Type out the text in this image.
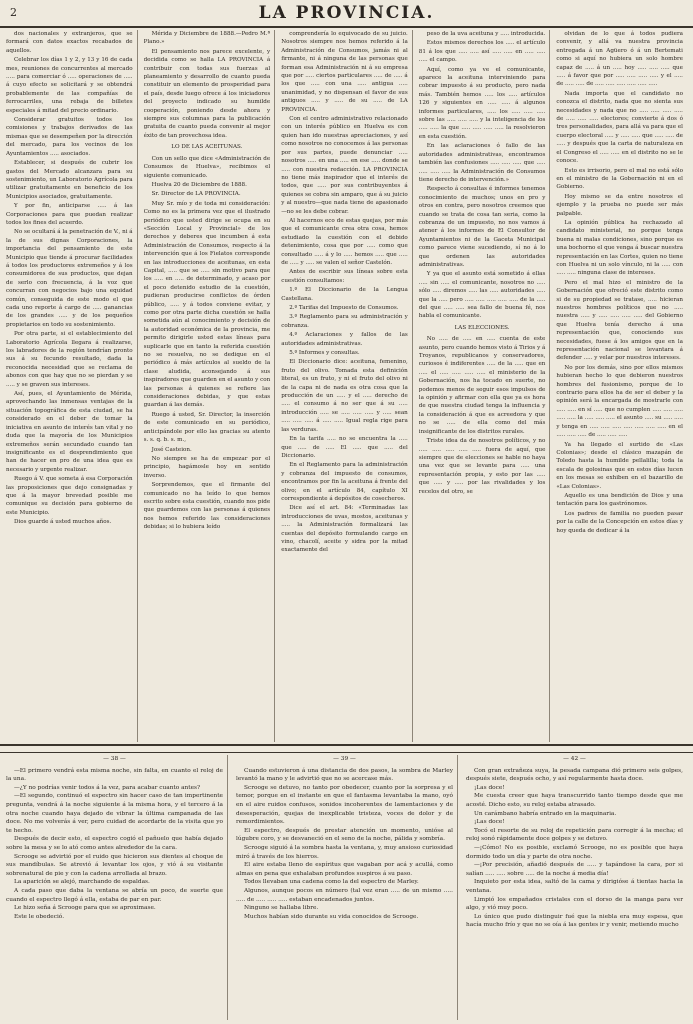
2	LA PROVINCIA.

dos nacionales y extranjeros, que se formará con datos exactos recabados de aquellos.

Celebrar los días 1 y 2, y 13 y 16 de cada mes, reuniones de concurrentes al mercado ..... para comerciar ó ..... operaciones de ..... á cuyo efecto se solicitará y se obtendrá probablemente de las compañías de ferrocarriles, una rebaja de billetes especiales á mitad del precio ordinario.

Considerar gratuitos todos los comisiones y trabajos derivados de las mismas que se desempeñen por la dirección del mercado, para los vecinos de los Ayuntamientos ..... asociados.

Establecer, si después de cubrir los gastos del Mercado alcanzara para su sostenimiento, un Laboratorio Agrícola para utilizar gratuitamente en beneficio de los Municipios asociados, gratuitamente.

Y por fin, anticiparse ..... á las Corporaciones para que puedan realizar todos los fines del acuerdo.

No se ocultará á la penetración de V., ni á la de sus dignas Corporaciones, la importancia del pensamiento de este Municipio que tiende á procurar facilidades á todos los productores extremeños y á los consumidores de sus productos, que dejan de serlo con frecuencia, á la voz que concurran con negocios bajo una equidad común, conseguida de este modo el que cada uno reporte á cargo de ..... ganancias de los grandes ..... y de los pequeños propietarios en todo su sostenimiento.

Por otra parte, si el establecimiento del Laboratorio Agrícola llegara á realizarse, los labradores de la región tendrían pronto sus á su fecundo resultado, dada la reconocida necesidad que se reclama de abonos con que hay que no se pierdan y se ..... y se graven sus intereses.

Así, pues, el Ayuntamiento de Mérida, aprovechando las inmensas ventajas de la situación topográfica de esta ciudad, se ha considerado en el deber de tomar la iniciativa en asunto de interés tan vital y no duda que la mayoría de los Municipios extremeños serán secundado cuando tan insignificante es el desprendimiento que han de hacer en pro de una idea que es necesario y urgente realizar.

Ruego á V. que someta á esa Corporación las proposiciones que dejo consignadas y que á la mayor brevedad posible me comunique su decisión para gobierno de este Municipio.

Dios guarde á usted muchos años.

Mérida y Diciembre de 1888.—Pedro M.ª Plano.»

El pensamiento nos parece excelente, y decidida como se halla LA PROVINCIA á contribuir con todas sus fuerzas al planeamiento y desarrollo de cuanto pueda constituir un elemento de prosperidad para el país, desde luego ofrece á los iniciadores del proyecto indicado su humilde cooperación, poniendo desde ahora y siempre sus columnas para la publicación gratuita de cuanto pueda convenir al mejor éxito de tan provechosa idea.

LO DE LAS ACEITUNAS.

Con un sello que dice «Administración de Consumos de Huelva», recibimos el siguiente comunicado.

Huelva 20 de Diciembre de 1888.

Sr. Director de LA PROVINCIA.

Muy Sr. mío y de toda mi consideración: Como no es la primera vez que el ilustrado periódico que usted dirige se ocupa en su «Sección Local y Provincial» de los derechos y deberes que incumben á esta Administración de Consumos, respecto á la intervención que á los Fielatos corresponde en las introducciones de aceitunas, en esta Capital, ..... que se ..... sin motivo para que los ..... en ..... de determinado, y acaso por el poco detenido estudio de la cuestión, pudieran producirse conflictos de órden público, ..... y á todos conviene evitar, y como por otra parte dicha cuestión se halla sometida aún al conocimiento y decisión de la autoridad económica de la provincia, me permito dirigirle usted estas líneas para suplicarle que en tanto la referida cuestión no se resuelva, no se dedique en el periódico á más artículos al sueldo de la clase aludida, aconsejando á sus inspiradores que guarden en el asunto y con las personas á quienes se refiere las consideraciones debidas, y que estas guardan á las demás.

Ruego á usted, Sr. Director, la inserción de este comunicado en su periódico, anticipándole por ello las gracias su atento s. s. q. b. s. m.,

José Casteion.

No siempre se ha de empezar por el principio, hagámosle hoy en sentido inverso.

Sorprendemos, que el firmante del comunicado no ha leído lo que hemos escrito sobre esta cuestión, cuando nos pide que guardemos con las personas á quienes nos hemos referido las consideraciones debidas; si lo hubiera leído

comprendería lo equivocado de su juicio. Nosotros siempre nos hemos referido á la Administración de Consumos, jamás ni al firmante, ni á ninguna de las personas que forman esa Administración ni á su empresa que por ..... ciertos particulares ..... de ..... á los que ..... con una ..... antigua ..... unanimidad, y no dispensan el favor de sus antiguos ..... y ..... de su ..... de LA PROVINCIA.

Con el centro administrativo relacionado con un interés público en Huelva es con quien han ido nuestras apreciaciones, y así como nosotros no conocemos á las personas por sus partes, puede denunciar ..... nosotros ..... en una ..... en ese ..... donde se ..... con nuestra redacción. LA PROVINCIA no tiene más inspirador que el interés de todos, que ..... por sus contribuyentes á quienes se cobra sin amparo, que á su juicio y al nuestro—que nada tiene de apasionado—no se les debe cobrar.

Al hacernos eco de estas quejas, por más que el comunicante crea otra cosa, hemos estudiado la cuestión con el debido detenimiento, cosa que por ..... como que consultado ..... á y lo ..... hemos ..... que ..... de ..... y ..... se valen el señor Castelón.

Antes de escribir sus líneas sobre esta cuestión consultamos:

1.º El Diccionario de la Lengua Castellana.

2.º Tarifas del Impuesto de Consumos.

3.º Reglamento para su administración y cobranza.

4.º Aclaraciones y fallos de las autoridades administrativas.

5.º Informes y consultas.

El Diccionario dice: aceituna, femenino, fruto del olivo. Tomada esta definición literal, es un fruto, y ni el fruto del olivo ni de la capa ni de nada es otra cosa que la producción de un ..... y el ..... derecho de ..... el consumo á no ser que á su ..... introducción ..... se ..... ..... ..... y ..... sean ..... ..... ..... á ..... ..... Igual regla rige para las verduras.

En la tarifa ..... no se encuentra la ..... que ..... de ..... El ..... que ..... del Diccionario.

En el Reglamento para la administración y cobranza del impuesto de consumos, encontramos por fin la aceituna á frente del olivo; en el artículo 84, capítulo XI correspondiente á depósitos de cosecheros.

Dice así el art. 84: «Terminadas las introducciones de uvas, mostos, aceitunas y ..... la Administración formalizará las cuentas del depósito formulando cargo en vino, chacolí, aceite y sidra por la mitad exactamente del

peso de la uva aceituna y ..... introducida.

Estos mismos derechos los ..... el artículo 81 á los que ..... ..... así ..... ..... en ..... ..... ..... el campo.

Aquí, como ya ve el comunicante, aparece la aceituna interviniendo para cobrar impuesto á su producto, pero nada más. También hemos ..... los ..... artículos 126 y siguientes en ..... ..... á algunos informes particulares, ..... los ..... ..... ..... sobre las ..... ..... ..... y la inteligencia de los ..... ..... la que ..... ..... ..... ..... la resolvieron en esta cuestión.

En las aclaraciones ó fallo de las autoridades administrativas, encontramos también las confusiones ..... ..... ..... que ..... ..... ..... ..... la Administración de Consumos tiene derecho de intervención.»

Respecto á consultas é informes tenemos conocimiento de muchos; unos en pro y otros en contra, pero nosotros creemos que cuando se trata de cosa tan seria, como la cobranza de un impuesto, no nos vamos á atener á los informes de El Consultor de Ayuntamientos ni de la Gaceta Municipal como parece viene sucediendo, sí no á lo que ordenen las autoridades administrativas.

Y ya que el asunto está sometido á ellas ..... sin ..... el comunicante, nosotros no ..... sólo ..... diremos ..... las ..... autoridades ..... que la ..... pero ..... ..... ..... ..... ..... de la ..... del que ..... ..... sea fallo de buena fé, nos habla el comunicante.

LAS ELECCIONES.

No ..... de ..... en ..... cuenta de este asunto, pero cuando hemos visto á Tirios y á Troyanos, republicanos y conservadores, curiosos é indiferentes ..... de la ..... que en ..... el ..... ..... ..... ..... el ministerio de la Gobernación, nos ha tocado en suerte, no podemos menos de seguir esos impulsos de la opinión y afirmar con ella que ya es hora de que nuestra ciudad tenga la influencia y la consideración á que es acreedora y que no se ..... de ella como del más insignificante de los distritos rurales.

Triste idea da de nosotros políticos, y no ..... ..... ..... ..... ..... fuera de aquí, que siempre que de elecciones se hable no haya una vez que se levante para ..... una representación propia, y esto por las ..... que ..... y ..... por las rivalidades y los recelos del otro, se

olvidan de lo que á todos pudiera convenir, y allá va nuestra provincia entregada á un Agüero ó á un Bertemati como si aquí no hubiera un solo hombre capaz de ..... á un ..... hoy ..... ..... ..... que ..... á favor que por ..... ..... ..... ..... y el ..... de ..... ..... de ..... ..... ..... ..... ..... .....

Nada importa que el candidato no conozca el distrito, nada que no sienta sus necesidades y nada que no ..... ..... ..... ..... de ..... ..... ..... electores; convierte á dos ó tres personalidades, para allá va para que el cuerpo electoral ..... y ..... ..... que ..... ..... de ..... y después que la carta de naturaleza en el Congreso el ..... ..... en el distrito no se le conoce.

Esto es irrisorio, pero el mal no está sólo en el ministro de la Gobernación ni en el Gobierno.

Hoy mismo se da entre nosotros el ejemplo y la prueba no puede ser más palpable.

La opinión pública ha rechazado al candidato ministerial, no porque tenga buena ni malas condiciones, sino porque es una bochorno el que venga á buscar nuestra representación en las Cortes, quien no tiene con Huelva ni un solo vínculo, ni la ..... con ..... ..... ninguna clase de intereses.

Pero el mal hizo el ministro de la Gobernación que ofreció este distrito como si de su propiedad se tratase, ..... hicieran nuestros hombres políticos que no ..... nuestra ..... y ..... ..... ..... ..... del Gobierno que Huelva tenía derecho á una representación que, conociendo sus necesidades, fuese á los amigos que en la representación nacional se levantara á defender ..... y velar por nuestros intereses.

No por los demás, sino por ellos mismos hubieran hecho lo que debieron nuestros hombres del fusionismo, porque de lo contrario para ellos ha de ser el deber y la opinión será la encargada de mostrarle con ..... ..... en sí ..... que no cumplen ..... ..... ..... ..... ..... la ..... ..... ..... el asunto ..... su ..... ..... y tenga en ..... ..... ..... ..... ..... ..... ..... en el ..... ..... ..... de ..... ..... .....

Ya ha llegado el surtido de «Las Colonias»; desde el clásico mazapán de Toledo hasta la humilde pellalilla; toda la escala de golosinas que en estos días lucen en los mesas se exhiben en el bazarillo de «Las Colonias».

Aquello es una bendición de Dios y una tentación para los gastrónomos.

Los padres de familia no pueden pasar por la calle de la Concepción en estos días y hoy queda de dedicar á la

— 38 —

—El primero vendrá esta misma noche, sin falta, en cuanto el reloj de la una.

—¿Y no podrías venir todos á la vez, para acabar cuanto antes?

—El segundo, continuó el espectro sin hacer caso de tan impertinente pregunta, vendrá á la noche siguiente á la misma hora, y el tercero á la otra noche cuando haya dejado de vibrar la última campanada de las doce. No me volverás á ver, pero cuidad de acordarte de la visita que yo te hecho.

Después de decir esto, el espectro cogió el pañuelo que había dejado sobre la mesa y se lo ató como antes alrededor de la cara.

Scrooge se advirtió por el ruido que hicieron sus dientes al choque de sus mandíbulas. Se atrevió á levantar los ojos, y vió á su visitante sobrenatural de pie y con la cadena arrollada al brazo.

La aparición se alejó, marchando de espaldas.

A cada paso que daba la ventana se abría un poco, de suerte que cuando el espectro llegó á ella, estaba de par en par.

Le hizo seña á Scrooge para que se aproximase.

Este le obedeció.

— 39 —

Cuando estuvieron á una distancia de dos pasos, la sombra de Marley levantó la mano y le advirtió que no se acercase más.

Scrooge se detuvo, no tanto por obedecer, cuanto por la sorpresa y el temor, porque en el instante en que el fantasma levantaba la mano, oyó en el aire ruidos confusos, sonidos incoherentes de lamentaciones y de desesperación, quejas de inexplicable tristeza, voces de dolor y de remordimientos.

El espectro, después de prestar atención un momento, unióse al lúgubre coro, y se desvaneció en el seno de la noche, pálida y sombría.

Scrooge siguió á la sombra hasta la ventana, y, muy ansioso curiosidad miró á través de los hierros.

El aire estaba lleno de espíritus que vagaban por acá y acullá, como almas en pena que exhalaban profundos suspiros á su paso.

Todos llevaban una cadena como la del espectro de Marley.

Algunos, aunque pocos en número (tal vez eran ..... de un mismo ..... ..... de ..... ..... ..... estaban encadenados juntos.

Ninguno se hallaba libre.

Muchos habían sido durante su vida conocidos de Scrooge.

— 42 —

Con gran extrañeza suya, la pesada campana dió primero seis golpes, después siete, después ocho, y así regularmente hasta doce.

¡Las doce!

Me cuesta creer que haya transcurrido tanto tiempo desde que me acosté. Dicho esto, su reloj estaba atrasado.

Un carámbano habría entrado en la maquinaria.

¡Las doce!

Tocó el resorte de su reloj de repetición para corregir á la mecha; el reloj sonó rápidamente doce golpes y se detuvo.

—¡Cómo! No es posible, exclamó Scrooge, no es posible que haya dormido todo un día y parte de otra noche.

—¡Por precisión, añadió después de ..... y tapándose la cara, por si salían ..... ..... sobre ..... de la noche á media día!

Inquieto por esta idea, saltó de la cama y dirigióse á tientas hacia la ventana.

Limpió los empañados cristales con el dorso de la manga para ver algo, y vió muy poco.

Lo único que pudo distinguir fué que la niebla era muy espesa, que hacía mucho frío y que no se oía á las gentes ir y venir, metiendo mucho
